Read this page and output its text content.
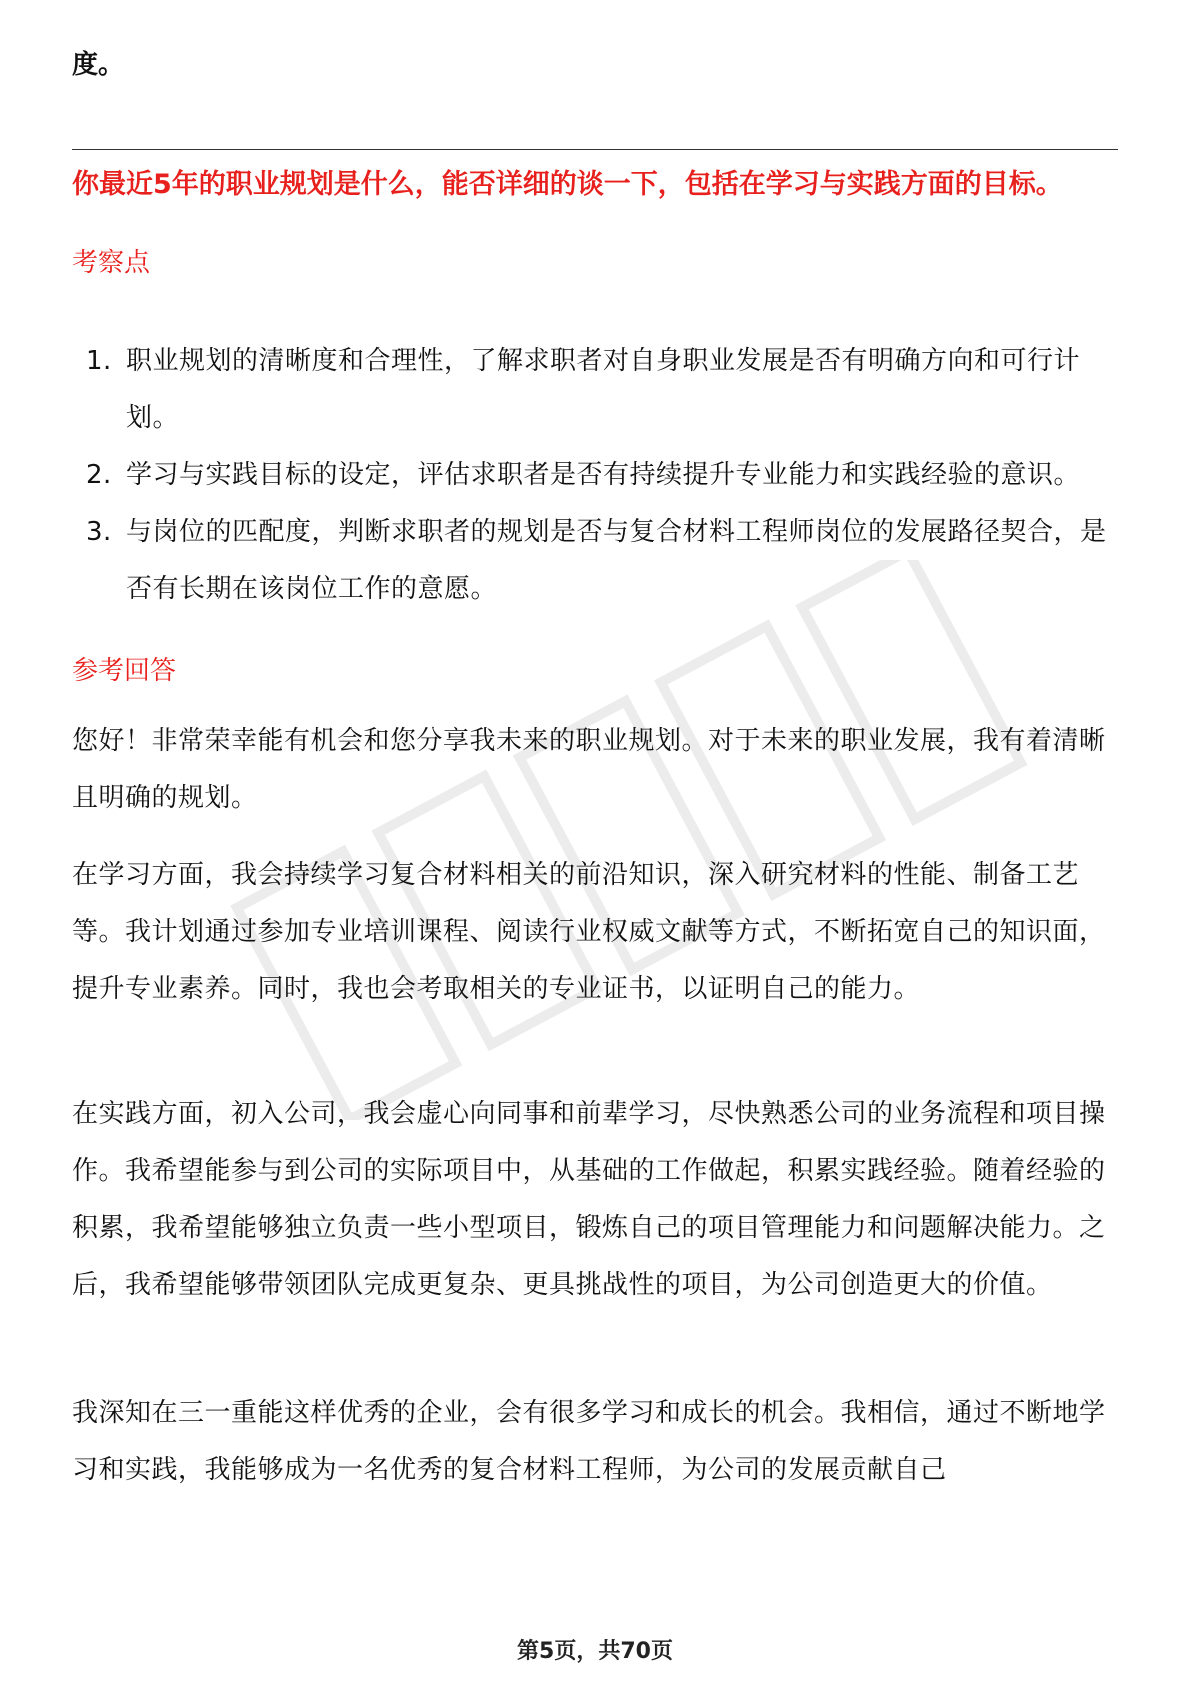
度。
你最近5年的职业规划是什么，能否详细的谈一下，包括在学习与实践方面的目标。
考察点
1. 职业规划的清晰度和合理性，了解求职者对自身职业发展是否有明确方向和可行计划。
2. 学习与实践目标的设定，评估求职者是否有持续提升专业能力和实践经验的意识。
3. 与岗位的匹配度，判断求职者的规划是否与复合材料工程师岗位的发展路径契合，是否有长期在该岗位工作的意愿。
参考回答

您好！非常荣幸能有机会和您分享我未来的职业规划。对于未来的职业发展，我有着清晰且明确的规划。

在学习方面，我会持续学习复合材料相关的前沿知识，深入研究材料的性能、制备工艺等。我计划通过参加专业培训课程、阅读行业权威文献等方式，不断拓宽自己的知识面，提升专业素养。同时，我也会考取相关的专业证书，以证明自己的能力。

在实践方面，初入公司，我会虚心向同事和前辈学习，尽快熟悉公司的业务流程和项目操作。我希望能参与到公司的实际项目中，从基础的工作做起，积累实践经验。随着经验的积累，我希望能够独立负责一些小型项目，锻炼自己的项目管理能力和问题解决能力。之后，我希望能够带领团队完成更复杂、更具挑战性的项目，为公司创造更大的价值。

我深知在三一重能这样优秀的企业，会有很多学习和成长的机会。我相信，通过不断地学习和实践，我能够成为一名优秀的复合材料工程师，为公司的发展贡献自己

第5页，共70页
